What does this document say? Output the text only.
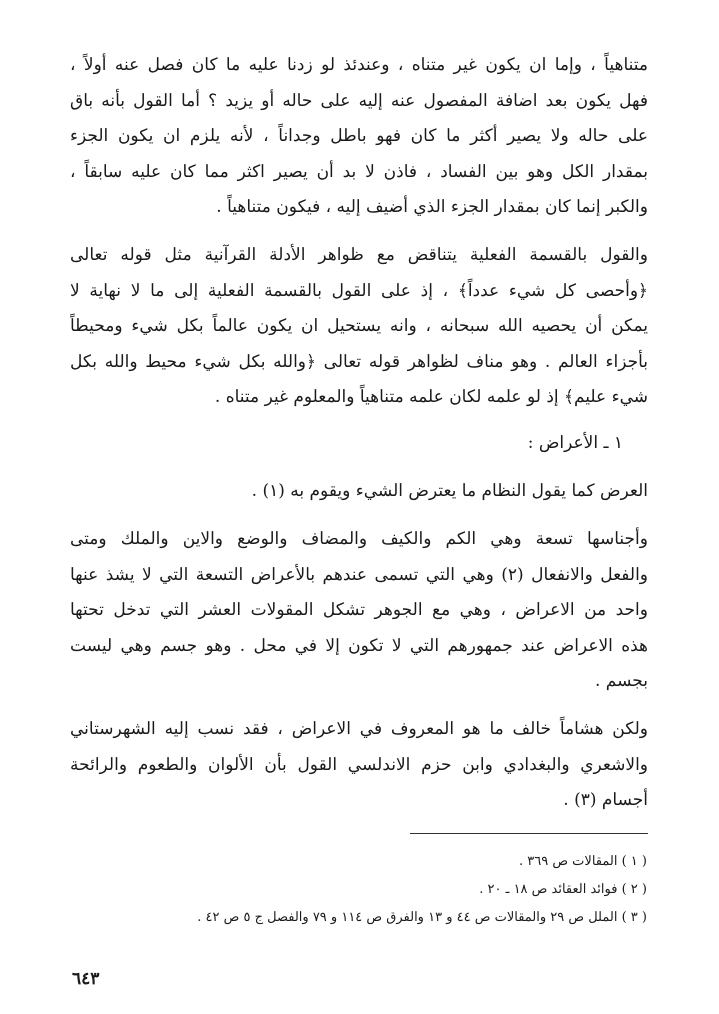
متناهياً ، وإما ان يكون غير متناه ، وعندئذ لو زدنا عليه ما كان فصل عنه أولاً ،
فهل يكون بعد اضافة المفصول عنه إليه على حاله أو يزيد ؟ أما القول بأنه باق
على حاله ولا يصير أكثر ما كان فهو باطل وجداناً ، لأنه يلزم ان يكون الجزء
بمقدار الكل وهو بين الفساد ، فاذن لا بد أن يصير اكثر مما كان عليه سابقاً ،
والكبر إنما كان بمقدار الجزء الذي أضيف إليه ، فيكون متناهياً .
والقول بالقسمة الفعلية يتناقض مع ظواهر الأدلة القرآنية مثل قوله تعالى
﴿وأحصى كل شيء عدداً﴾ ، إذ على القول بالقسمة الفعلية إلى ما لا نهاية لا
يمكن أن يحصيه الله سبحانه ، وانه يستحيل ان يكون عالماً بكل شيء ومحيطاً
بأجزاء العالم . وهو مناف لظواهر قوله تعالى ﴿والله بكل شيء محيط والله بكل
شيء عليم﴾ إذ لو علمه لكان علمه متناهياً والمعلوم غير متناه .
١ ـ الأعراض :
العرض كما يقول النظام ما يعترض الشيء ويقوم به (١) .
وأجناسها تسعة وهي الكم والكيف والمضاف والوضع والاين والملك ومتى
والفعل والانفعال (٢) وهي التي تسمى عندهم بالأعراض التسعة التي لا يشذ عنها
واحد من الاعراض ، وهي مع الجوهر تشكل المقولات العشر التي تدخل تحتها
هذه الاعراض عند جمهورهم التي لا تكون إلا في محل . وهو جسم وهي ليست
بجسم .
ولكن هشاماً خالف ما هو المعروف في الاعراض ، فقد نسب إليه الشهرستاني
والاشعري والبغدادي وابن حزم الاندلسي القول بأن الألوان والطعوم والرائحة
أجسام (٣) .
( ١ ) المقالات ص ٣٦٩ .
( ٢ ) فوائد العقائد ص ١٨ ـ ٢٠ .
( ٣ ) الملل ص ٢٩ والمقالات ص ٤٤ و ١٣ والفرق ص ١١٤ و ٧٩ والفصل ج ٥ ص ٤٢ .
٦٤٣
